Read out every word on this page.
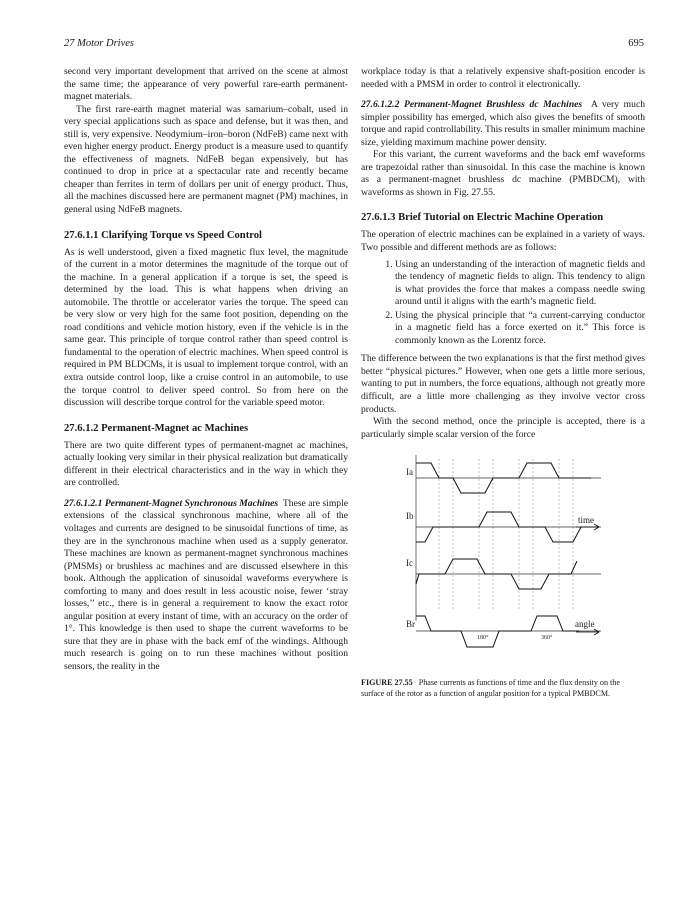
27 Motor Drives	695

second very important development that arrived on the scene at almost the same time; the appearance of very powerful rare-earth permanent-magnet materials.

The first rare-earth magnet material was samarium–cobalt, used in very special applications such as space and defense, but it was then, and still is, very expensive. Neodymium–iron–boron (NdFeB) came next with even higher energy product. Energy product is a measure used to quantify the effectiveness of magnets. NdFeB began expensively, but has continued to drop in price at a spectacular rate and recently became cheaper than ferrites in term of dollars per unit of energy product. Thus, all the machines discussed here are permanent magnet (PM) machines, in general using NdFeB magnets.

27.6.1.1 Clarifying Torque vs Speed Control

As is well understood, given a fixed magnetic flux level, the magnitude of the current in a motor determines the magnitude of the torque out of the machine. In a general application if a torque is set, the speed is determined by the load. This is what happens when driving an automobile. The throttle or accelerator varies the torque. The speed can be very slow or very high for the same foot position, depending on the road conditions and vehicle motion history, even if the vehicle is in the same gear. This principle of torque control rather than speed control is fundamental to the operation of electric machines. When speed control is required in PM BLDCMs, it is usual to implement torque control, with an extra outside control loop, like a cruise control in an automobile, to use the torque control to deliver speed control. So from here on the discussion will describe torque control for the variable speed motor.

27.6.1.2 Permanent-Magnet ac Machines

There are two quite different types of permanent-magnet ac machines, actually looking very similar in their physical realization but dramatically different in their electrical characteristics and in the way in which they are controlled.

27.6.1.2.1 Permanent-Magnet Synchronous Machines These are simple extensions of the classical synchronous machine, where all of the voltages and currents are designed to be sinusoidal functions of time, as they are in the synchronous machine when used as a supply generator. These machines are known as permanent-magnet synchronous machines (PMSMs) or brushless ac machines and are discussed elsewhere in this book. Although the application of sinusoidal waveforms everywhere is comforting to many and does result in less acoustic noise, fewer ‘stray losses,’’ etc., there is in general a requirement to know the exact rotor angular position at every instant of time, with an accuracy on the order of 1°. This knowledge is then used to shape the current waveforms to be sure that they are in phase with the back emf of the windings. Although much research is going on to run these machines without position sensors, the reality in the

workplace today is that a relatively expensive shaft-position encoder is needed with a PMSM in order to control it electronically.

27.6.1.2.2 Permanent-Magnet Brushless dc Machines A very much simpler possibility has emerged, which also gives the benefits of smooth torque and rapid controllability. This results in smaller minimum machine size, yielding maximum machine power density.

For this variant, the current waveforms and the back emf waveforms are trapezoidal rather than sinusoidal. In this case the machine is known as a permanent-magnet brushless dc machine (PMBDCM), with waveforms as shown in Fig. 27.55.

27.6.1.3 Brief Tutorial on Electric Machine Operation

The operation of electric machines can be explained in a variety of ways. Two possible and different methods are as follows:

1. Using an understanding of the interaction of magnetic fields and the tendency of magnetic fields to align. This tendency to align is what provides the force that makes a compass needle swing around until it aligns with the earth’s magnetic field.
2. Using the physical principle that “a current-carrying conductor in a magnetic field has a force exerted on it.” This force is commonly known as the Lorentz force.

The difference between the two explanations is that the first method gives better “physical pictures.” However, when one gets a little more serious, wanting to put in numbers, the force equations, although not greatly more difficult, are a little more challenging as they involve vector cross products.

With the second method, once the principle is accepted, there is a particularly simple scalar version of the force

Ia
Ib
Ic
Br
time
angle
180°	360°
FIGURE 27.55 Phase currents as functions of time and the flux density on the surface of the rotor as a function of angular position for a typical PMBDCM.
